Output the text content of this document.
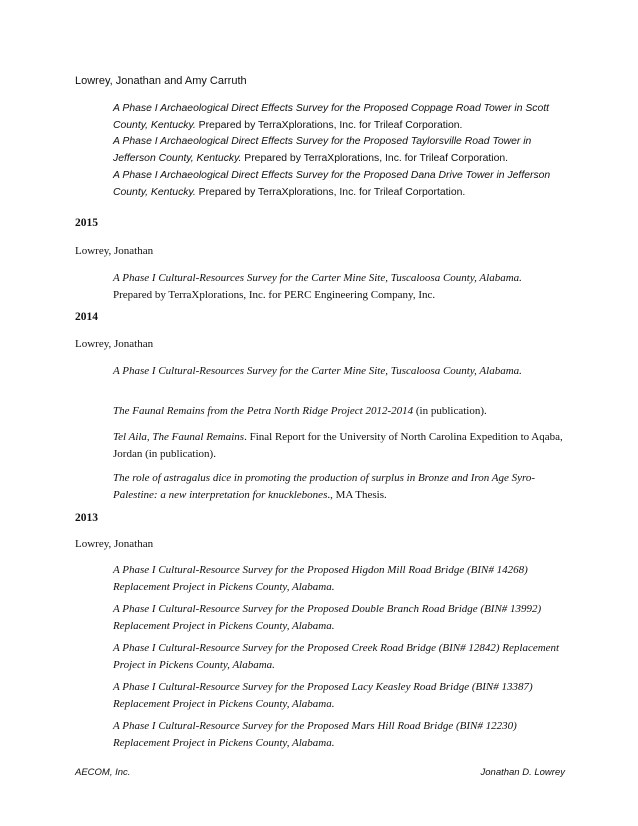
Lowrey, Jonathan and Amy Carruth
A Phase I Archaeological Direct Effects Survey for the Proposed Coppage Road Tower in Scott County, Kentucky. Prepared by TerraXplorations, Inc. for Trileaf Corporation.
A Phase I Archaeological Direct Effects Survey for the Proposed Taylorsville Road Tower in Jefferson County, Kentucky. Prepared by TerraXplorations, Inc. for Trileaf Corporation.
A Phase I Archaeological Direct Effects Survey for the Proposed Dana Drive Tower in Jefferson County, Kentucky. Prepared by TerraXplorations, Inc. for Trileaf Corportation.
2015
Lowrey, Jonathan
A Phase I Cultural-Resources Survey for the Carter Mine Site, Tuscaloosa County, Alabama. Prepared by TerraXplorations, Inc. for PERC Engineering Company, Inc.
2014
Lowrey, Jonathan
A Phase I Cultural-Resources Survey for the Carter Mine Site, Tuscaloosa County, Alabama.
The Faunal Remains from the Petra North Ridge Project 2012-2014 (in publication).
Tel Aila, The Faunal Remains. Final Report for the University of North Carolina Expedition to Aqaba, Jordan (in publication).
The role of astragalus dice in promoting the production of surplus in Bronze and Iron Age Syro-Palestine: a new interpretation for knucklebones., MA Thesis.
2013
Lowrey, Jonathan
A Phase I Cultural-Resource Survey for the Proposed Higdon Mill Road Bridge (BIN# 14268) Replacement Project in Pickens County, Alabama.
A Phase I Cultural-Resource Survey for the Proposed Double Branch Road Bridge (BIN# 13992) Replacement Project in Pickens County, Alabama.
A Phase I Cultural-Resource Survey for the Proposed Creek Road Bridge (BIN# 12842) Replacement Project in Pickens County, Alabama.
A Phase I Cultural-Resource Survey for the Proposed Lacy Keasley Road Bridge (BIN# 13387) Replacement Project in Pickens County, Alabama.
A Phase I Cultural-Resource Survey for the Proposed Mars Hill Road Bridge (BIN# 12230) Replacement Project in Pickens County, Alabama.
AECOM, Inc.	Jonathan D. Lowrey
